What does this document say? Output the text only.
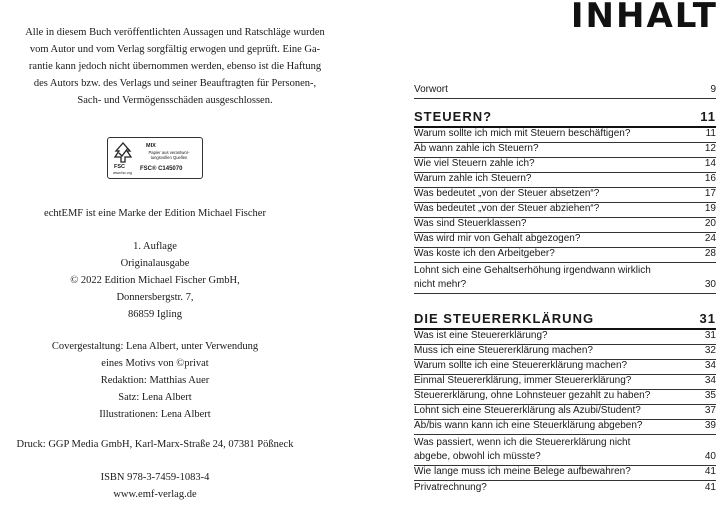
Alle in diesem Buch veröffentlichten Aussagen und Ratschläge wurden
vom Autor und vom Verlag sorgfältig erwogen und geprüft. Eine Ga-
rantie kann jedoch nicht übernommen werden, ebenso ist die Haftung
des Autors bzw. des Verlags und seiner Beauftragten für Personen-,
Sach- und Vermögensschäden ausgeschlossen.
FSC
www.fsc.org
MIX
Papier aus verantwor-
tungsvollen Quellen
FSC® C145070
echtEMF ist eine Marke der Edition Michael Fischer
1. Auflage
Originalausgabe
© 2022 Edition Michael Fischer GmbH,
Donnersbergstr. 7,
86859 Igling
Covergestaltung: Lena Albert, unter Verwendung
eines Motivs von ©privat
Redaktion: Matthias Auer
Satz: Lena Albert
Illustrationen: Lena Albert
Druck: GGP Media GmbH, Karl-Marx-Straße 24, 07381 Pößneck
ISBN 978-3-7459-1083-4
www.emf-verlag.de
INHALT
Vorwort	9
STEUERN?	11
Warum sollte ich mich mit Steuern beschäftigen?	11
Ab wann zahle ich Steuern?	12
Wie viel Steuern zahle ich?	14
Warum zahle ich Steuern?	16
Was bedeutet „von der Steuer absetzen“?	17
Was bedeutet „von der Steuer abziehen“?	19
Was sind Steuerklassen?	20
Was wird mir von Gehalt abgezogen?	24
Was koste ich den Arbeitgeber?	28
Lohnt sich eine Gehaltserhöhung irgendwann wirklich nicht mehr?	30
DIE STEUERERKLÄRUNG	31
Was ist eine Steuererklärung?	31
Muss ich eine Steuererklärung machen?	32
Warum sollte ich eine Steuererklärung machen?	34
Einmal Steuererklärung, immer Steuererklärung?	34
Steuererklärung, ohne Lohnsteuer gezahlt zu haben?	35
Lohnt sich eine Steuererklärung als Azubi/Student?	37
Ab/bis wann kann ich eine Steuerklärung abgeben?	39
Was passiert, wenn ich die Steuererklärung nicht abgebe, obwohl ich müsste?	40
Wie lange muss ich meine Belege aufbewahren?	41
Privatrechnung?	41
